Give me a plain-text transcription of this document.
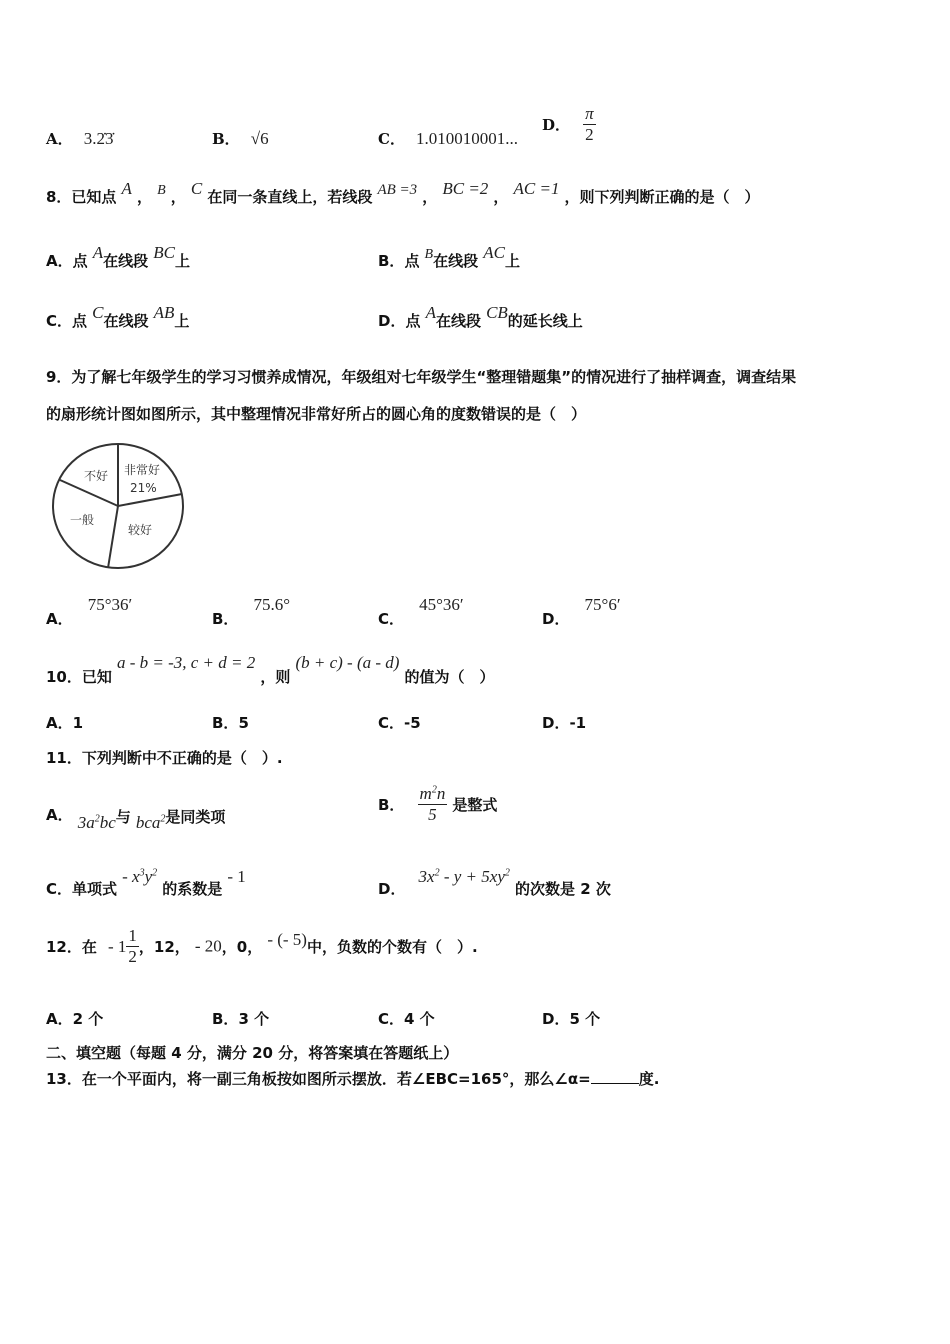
A． 3.2̇3̇	B． √6	C． 1.010010001...
D． $\frac{\pi}{2}$
8．已知点 A ， B ， C 在同一条直线上，若线段 AB =3 ， BC =2 ， AC =1 ，则下列判断正确的是（　）
A．点 A在线段 BC上	B．点 B在线段 AC上
C．点 C在线段 AB上	D．点 A在线段 CB的延长线上
9．为了解七年级学生的学习习惯养成情况，年级组对七年级学生“整理错题集”的情况进行了抽样调查，调查结果
的扇形统计图如图所示，其中整理情况非常好所占的圆心角的度数错误的是（　）
不好 非常好
21%
一般
较好
A． 75°36′
B． 75.6°
C． 45°36′
D． 75°6′
10．已知 a - b = -3, c + d = 2 ，则 (b + c) - (a - d) 的值为（　）
A．1	B．5	C．-5	D．-1
11．下列判断中不正确的是（　）.
A． $3a^2bc$与 bca$^2$是同类项
B． $\frac{m^2n}{5}$ 是整式
C．单项式 - $x^3y^2$ 的系数是 - 1
D． $3x^2 - y + 5xy^2$ 的次数是 2 次
12．在 - $1 \frac{1}{2}$ ，12， - 20，0， - (- 5)中，负数的个数有（　）.
A．2 个	B．3 个	C．4 个	D．5 个
二、填空题（每题 4 分，满分 20 分，将答案填在答题纸上）
13．在一个平面内，将一副三角板按如图所示摆放．若∠EBC=165°，那么∠α=	度.
